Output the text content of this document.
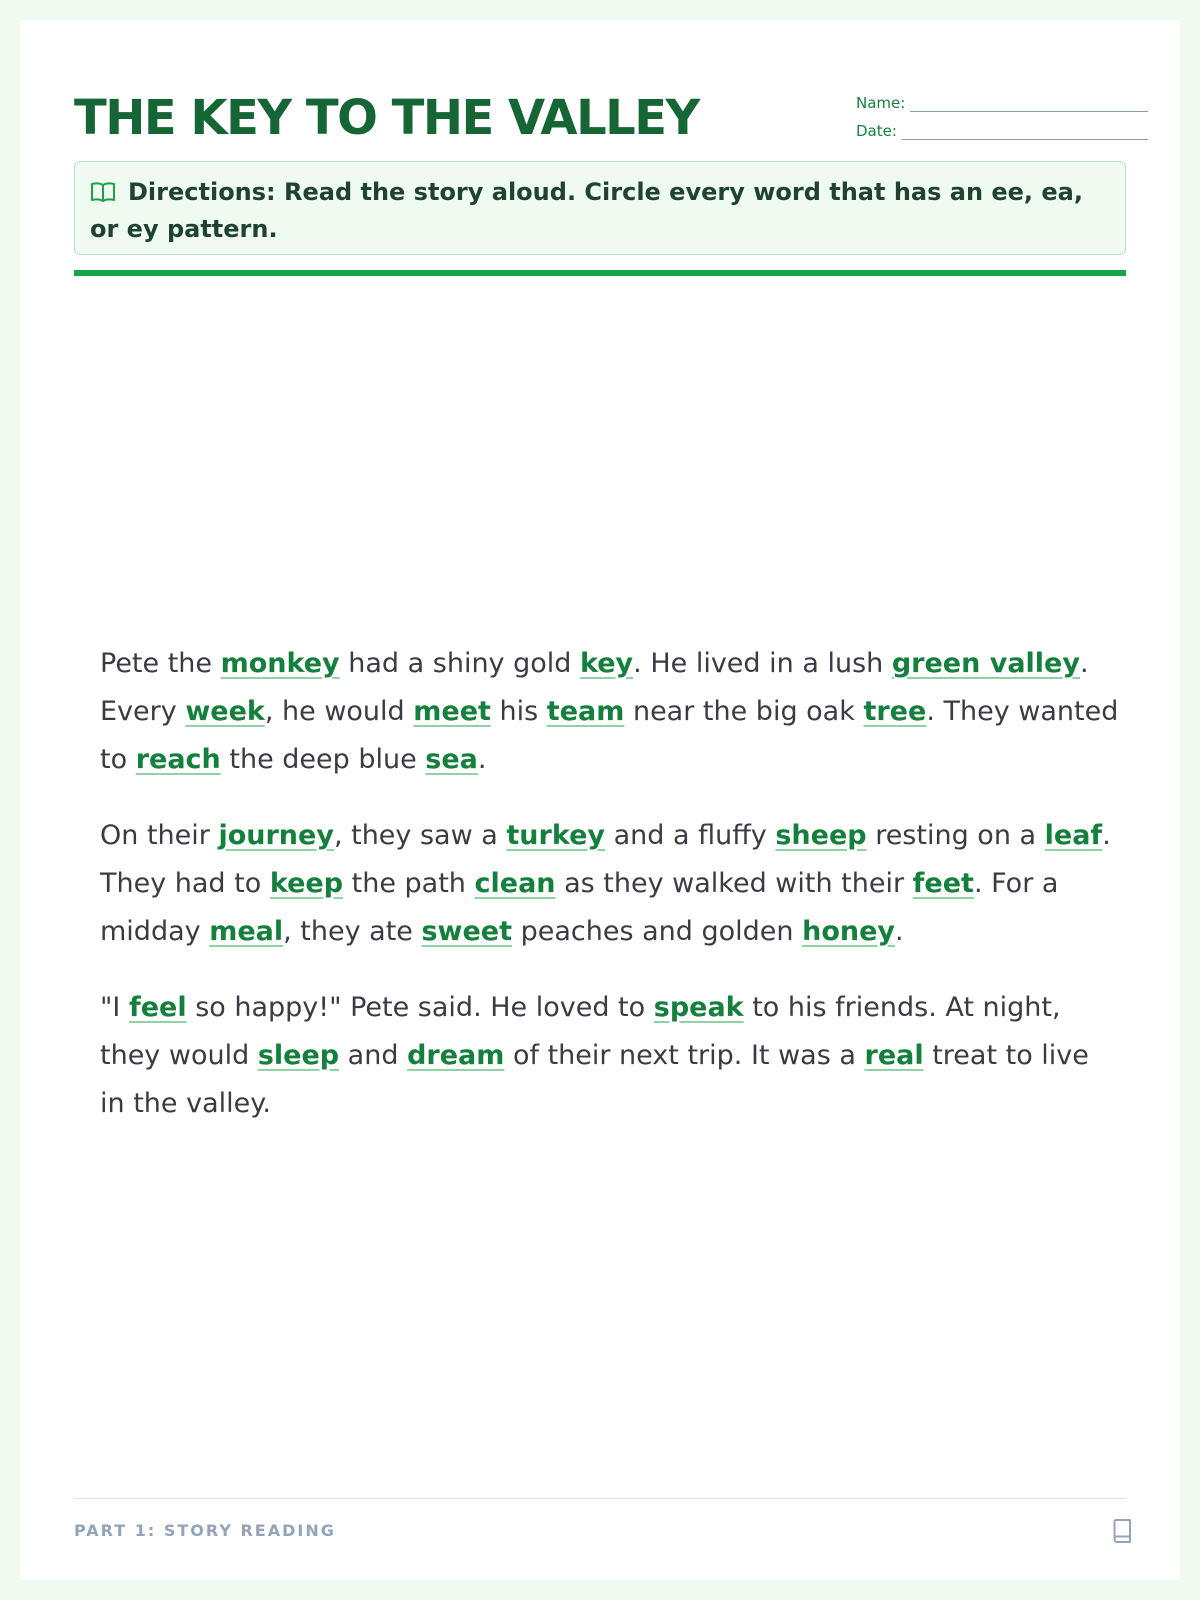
THE KEY TO THE VALLEY	Name:
Date:
Directions: Read the story aloud. Circle every word that has an ee, ea, or ey pattern.

Pete the monkey had a shiny gold key. He lived in a lush green valley. Every week, he would meet his team near the big oak tree. They wanted to reach the deep blue sea.

On their journey, they saw a turkey and a fluffy sheep resting on a leaf. They had to keep the path clean as they walked with their feet. For a midday meal, they ate sweet peaches and golden honey.

"I feel so happy!" Pete said. He loved to speak to his friends. At night, they would sleep and dream of their next trip. It was a real treat to live in the valley.

PART 1: STORY READING
